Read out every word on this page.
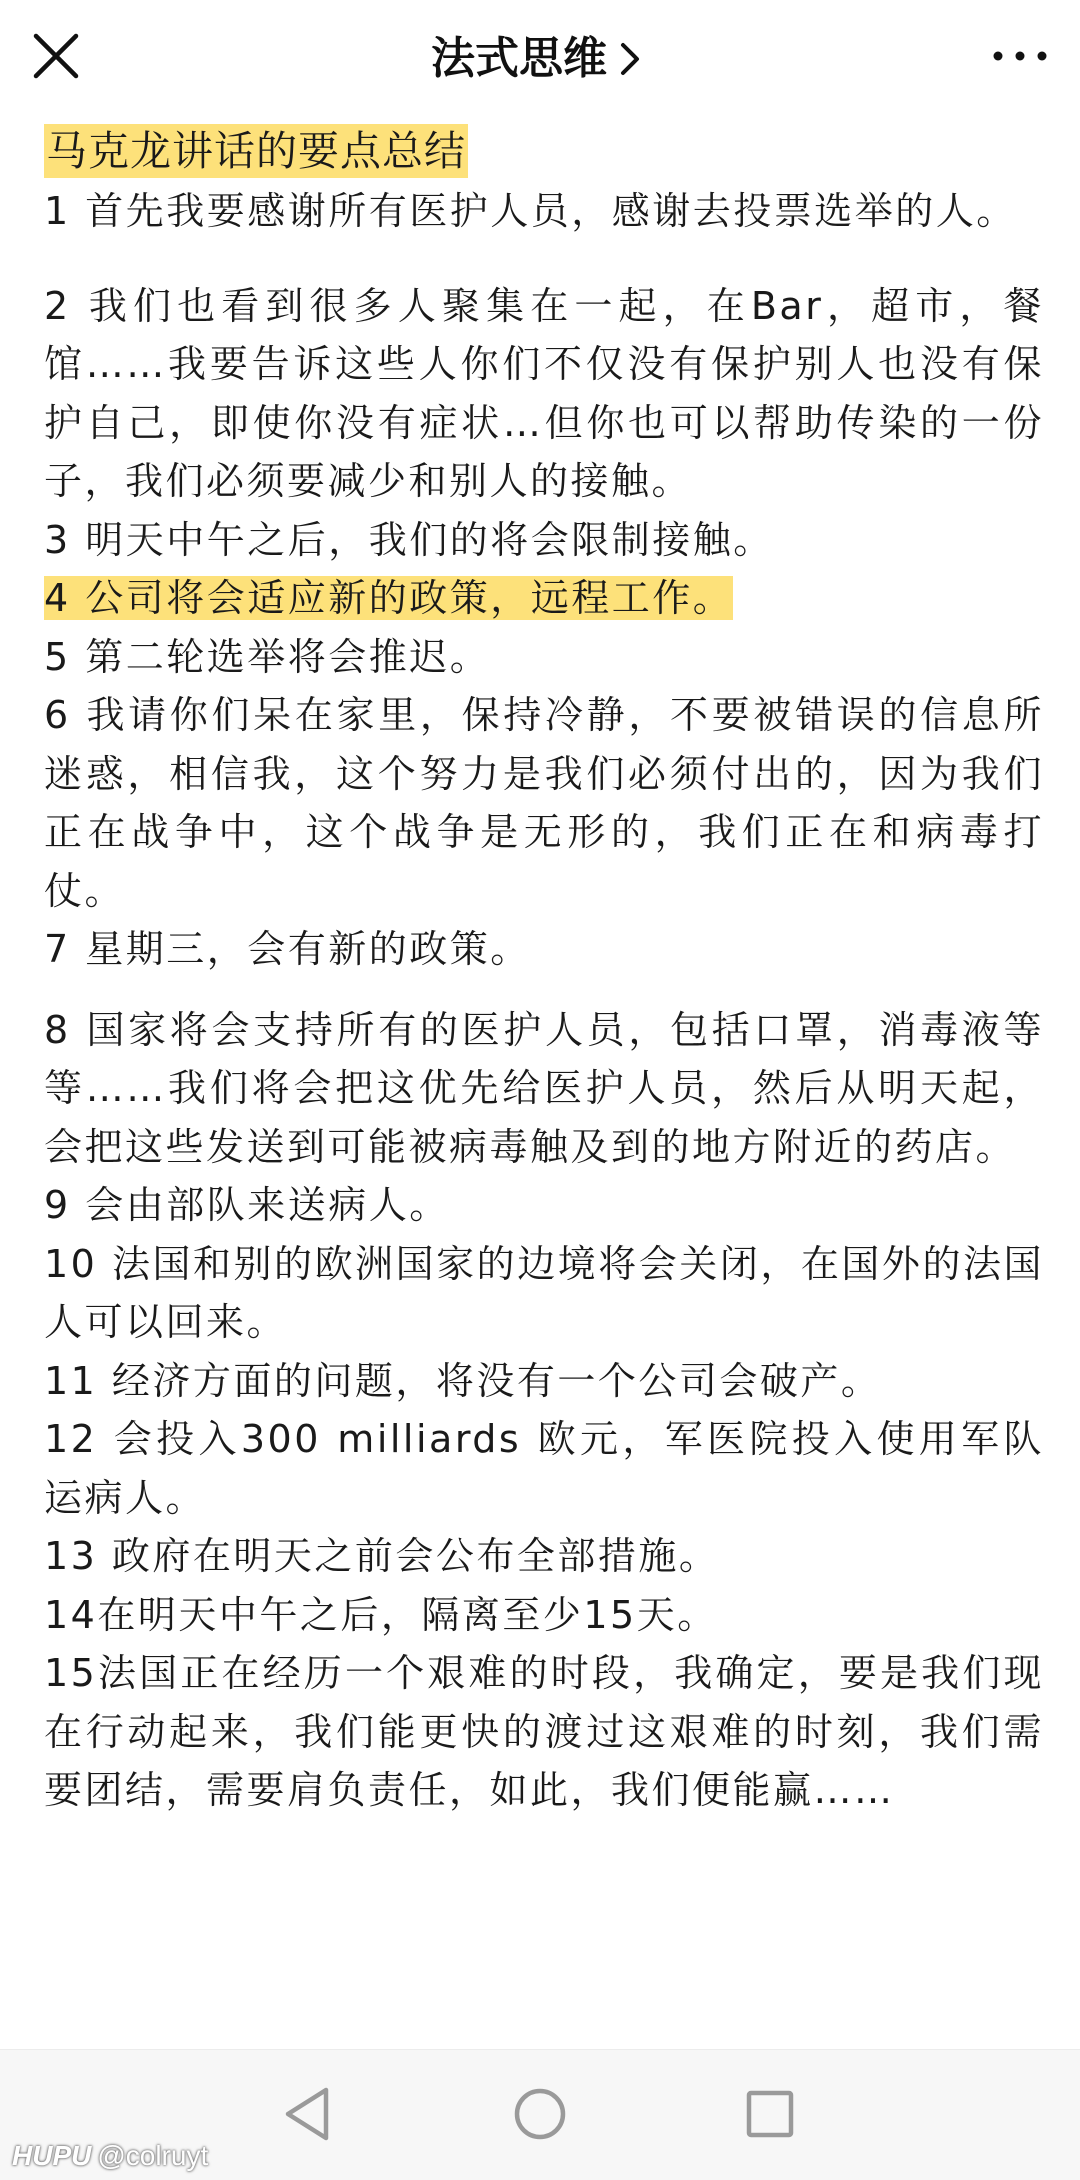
法式思维
马克龙讲话的要点总结

1 首先我要感谢所有医护人员，感谢去投票选举的人。

2 我们也看到很多人聚集在一起，在Bar，超市，餐馆……我要告诉这些人你们不仅没有保护别人也没有保护自己，即使你没有症状…但你也可以帮助传染的一份子，我们必须要减少和别人的接触。

3 明天中午之后，我们的将会限制接触。

4 公司将会适应新的政策，远程工作。

5 第二轮选举将会推迟。

6 我请你们呆在家里，保持冷静，不要被错误的信息所迷惑，相信我，这个努力是我们必须付出的，因为我们正在战争中，这个战争是无形的，我们正在和病毒打仗。

7 星期三，会有新的政策。

8 国家将会支持所有的医护人员，包括口罩，消毒液等等……我们将会把这优先给医护人员，然后从明天起，会把这些发送到可能被病毒触及到的地方附近的药店。

9 会由部队来送病人。

10 法国和别的欧洲国家的边境将会关闭，在国外的法国人可以回来。

11 经济方面的问题，将没有一个公司会破产。

12 会投入300 milliards 欧元，军医院投入使用军队运病人。

13 政府在明天之前会公布全部措施。

14在明天中午之后，隔离至少15天。

15法国正在经历一个艰难的时段，我确定，要是我们现在行动起来，我们能更快的渡过这艰难的时刻，我们需要团结，需要肩负责任，如此，我们便能赢……

HUPU @colruyt
